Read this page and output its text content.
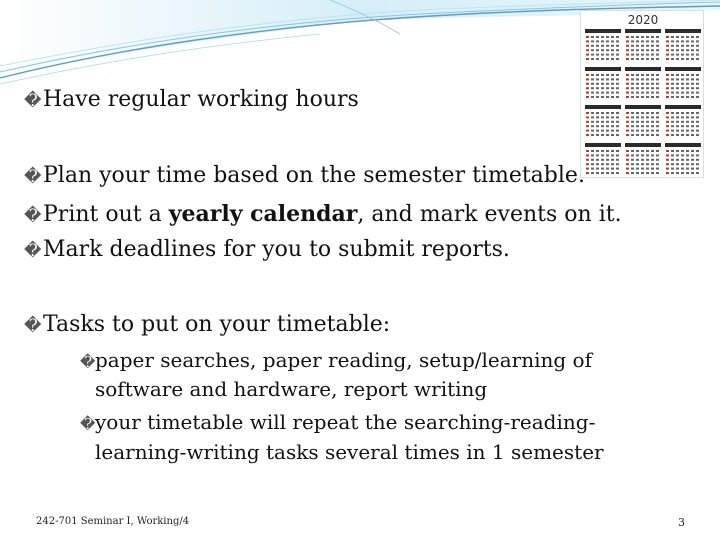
2020
�Have regular working hours
�Plan your time based on the semester timetable.
�Print out a yearly calendar, and mark events on it.
�Mark deadlines for you to submit reports.
�Tasks to put on your timetable:
�paper searches, paper reading, setup/learning of
software and hardware, report writing
�your timetable will repeat the searching-reading-
learning-writing tasks several times in 1 semester
242-701 Seminar I, Working/4	3
